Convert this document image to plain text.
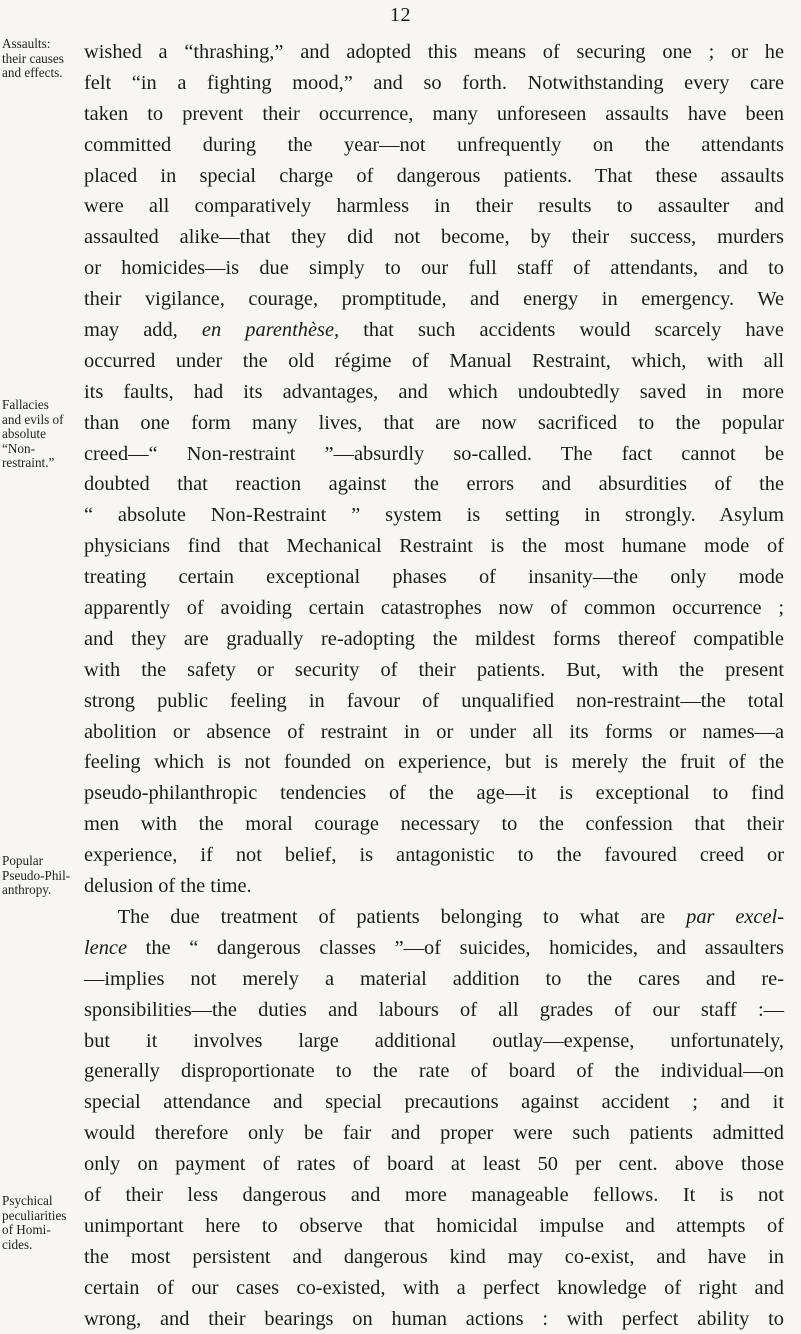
12
Assaults:
their causes
and effects.
Fallacies
and evils of
absolute
“Non-
restraint.”
Popular
Pseudo-Phil-
anthropy.
Psychical
peculiarities
of Homi-
cides.
wished a “thrashing,” and adopted this means of securing one ; or he
felt “in a fighting mood,” and so forth. Notwithstanding every care
taken to prevent their occurrence, many unforeseen assaults have been
committed during the year—not unfrequently on the attendants
placed in special charge of dangerous patients. That these assaults
were all comparatively harmless in their results to assaulter and
assaulted alike—that they did not become, by their success, murders
or homicides—is due simply to our full staff of attendants, and to
their vigilance, courage, promptitude, and energy in emergency. We
may add, en parenthèse, that such accidents would scarcely have
occurred under the old régime of Manual Restraint, which, with all
its faults, had its advantages, and which undoubtedly saved in more
than one form many lives, that are now sacrificed to the popular
creed—“ Non-restraint ”—absurdly so-called. The fact cannot be
doubted that reaction against the errors and absurdities of the
“ absolute Non-Restraint ” system is setting in strongly. Asylum
physicians find that Mechanical Restraint is the most humane mode of
treating certain exceptional phases of insanity—the only mode
apparently of avoiding certain catastrophes now of common occurrence ;
and they are gradually re-adopting the mildest forms thereof compatible
with the safety or security of their patients. But, with the present
strong public feeling in favour of unqualified non-restraint—the total
abolition or absence of restraint in or under all its forms or names—a
feeling which is not founded on experience, but is merely the fruit of the
pseudo-philanthropic tendencies of the age—it is exceptional to find
men with the moral courage necessary to the confession that their
experience, if not belief, is antagonistic to the favoured creed or
delusion of the time.
The due treatment of patients belonging to what are par excel-
lence the “ dangerous classes ”—of suicides, homicides, and assaulters
—implies not merely a material addition to the cares and re-
sponsibilities—the duties and labours of all grades of our staff :—
but it involves large additional outlay—expense, unfortunately,
generally disproportionate to the rate of board of the individual—on
special attendance and special precautions against accident ; and it
would therefore only be fair and proper were such patients admitted
only on payment of rates of board at least 50 per cent. above those
of their less dangerous and more manageable fellows. It is not
unimportant here to observe that homicidal impulse and attempts of
the most persistent and dangerous kind may co-exist, and have in
certain of our cases co-existed, with a perfect knowledge of right and
wrong, and their bearings on human actions : with perfect ability to
